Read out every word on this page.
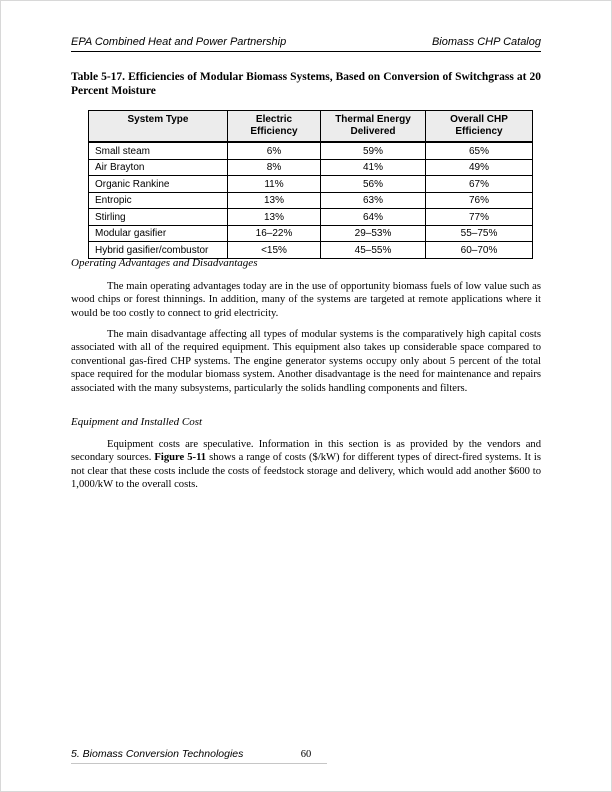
EPA Combined Heat and Power Partnership	Biomass CHP Catalog
Table 5-17. Efficiencies of Modular Biomass Systems, Based on Conversion of Switchgrass at 20
Percent Moisture
System Type	Electric Efficiency	Thermal Energy Delivered	Overall CHP Efficiency
Small steam	6%	59%	65%
Air Brayton	8%	41%	49%
Organic Rankine	11%	56%	67%
Entropic	13%	63%	76%
Stirling	13%	64%	77%
Modular gasifier	16–22%	29–53%	55–75%
Hybrid gasifier/combustor	<15%	45–55%	60–70%
Operating Advantages and Disadvantages

The main operating advantages today are in the use of opportunity biomass fuels of low value such as wood chips or forest thinnings. In addition, many of the systems are targeted at remote applications where it would be too costly to connect to grid electricity.

The main disadvantage affecting all types of modular systems is the comparatively high capital costs associated with all of the required equipment. This equipment also takes up considerable space compared to conventional gas-fired CHP systems. The engine generator systems occupy only about 5 percent of the total space required for the modular biomass system. Another disadvantage is the need for maintenance and repairs associated with the many subsystems, particularly the solids handling components and filters.

Equipment and Installed Cost

Equipment costs are speculative. Information in this section is as provided by the vendors and secondary sources. Figure 5-11 shows a range of costs ($/kW) for different types of direct-fired systems. It is not clear that these costs include the costs of feedstock storage and delivery, which would add another $600 to 1,000/kW to the overall costs.

5. Biomass Conversion Technologies	60
